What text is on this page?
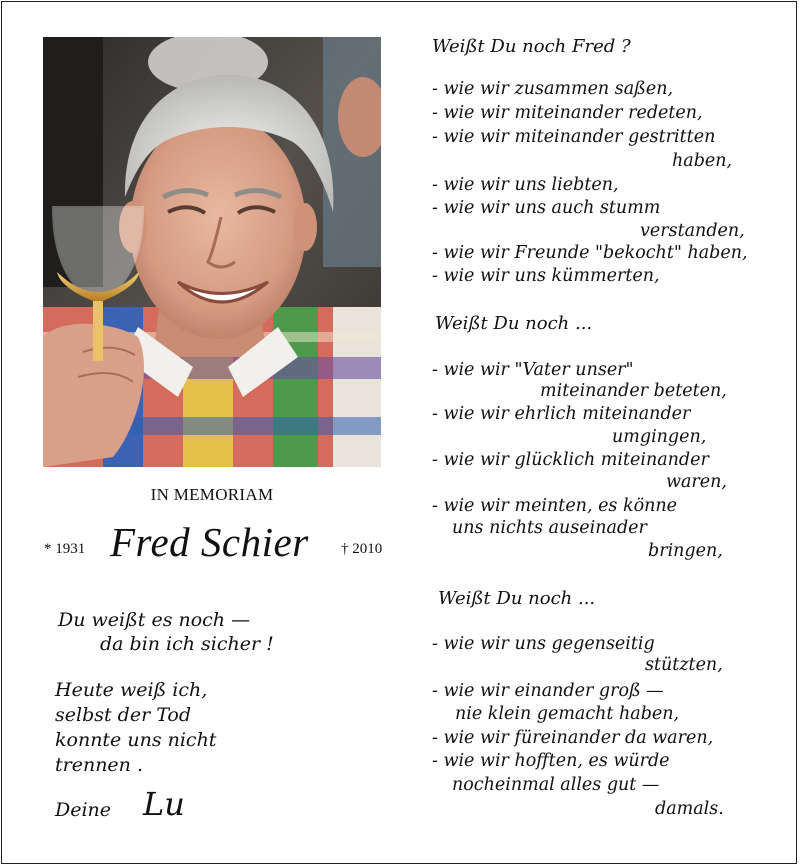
IN MEMORIAM
* 1931 Fred Schier † 2010
Du weißt es noch —
da bin ich sicher !
Heute weiß ich,
selbst der Tod
konnte uns nicht
trennen .
Deine Lu
Weißt Du noch Fred ?
- wie wir zusammen saßen,
- wie wir miteinander redeten,
- wie wir miteinander gestritten
haben,
- wie wir uns liebten,
- wie wir uns auch stumm
verstanden,
- wie wir Freunde "bekocht" haben,
- wie wir uns kümmerten,
Weißt Du noch ...
- wie wir "Vater unser"
miteinander beteten,
- wie wir ehrlich miteinander
umgingen,
- wie wir glücklich miteinander
waren,
- wie wir meinten, es könne
uns nichts auseinader
bringen,
Weißt Du noch ...
- wie wir uns gegenseitig
stützten,
- wie wir einander groß —
nie klein gemacht haben,
- wie wir füreinander da waren,
- wie wir hofften, es würde
nocheinmal alles gut —
damals.
